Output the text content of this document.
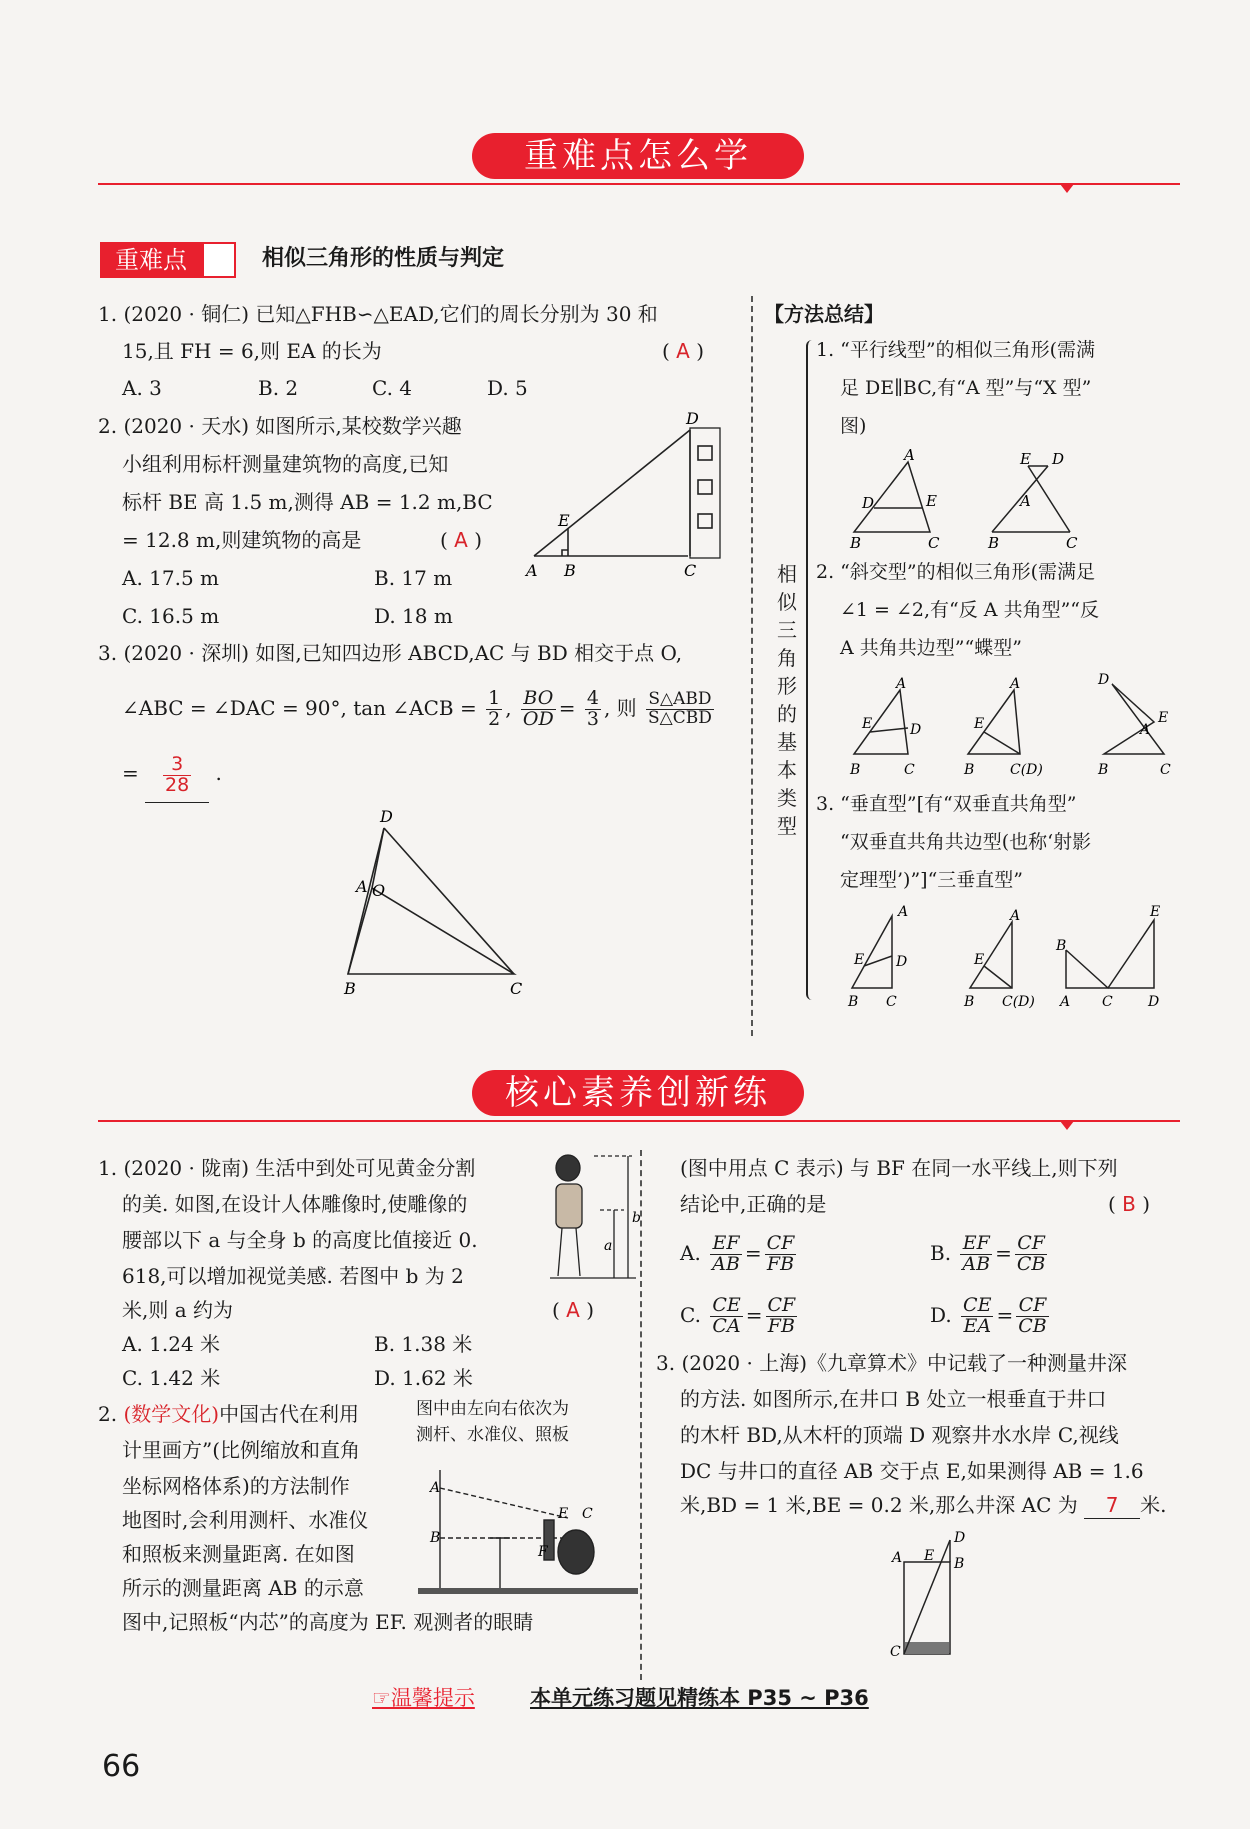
重难点怎么学
重难点	相似三角形的性质与判定
1. (2020 · 铜仁) 已知△FHB∽△EAD,它们的周长分别为 30 和
15,且 FH = 6,则 EA 的长为	( A )
A. 3	B. 2	C. 4	D. 5
2. (2020 · 天水) 如图所示,某校数学兴趣
小组利用标杆测量建筑物的高度,已知
标杆 BE 高 1.5 m,测得 AB = 1.2 m,BC
= 12.8 m,则建筑物的高是	( A )
A. 17.5 m	B. 17 m
C. 16.5 m	D. 18 m
D
E
A B	C
3. (2020 · 深圳) 如图,已知四边形 ABCD,AC 与 BD 相交于点 O,
∠ABC = ∠DAC = 90°, tan ∠ACB = $\frac{1}{2}$ , $\frac{BO}{OD} = \frac{4}{3}$ , 则 $\frac{\text{S△ABD}}{\text{S△CBD}}$
= $\frac{3}{28}$ .
D
A O
B	C
【方法总结】
相似三角形的基本类型
1. “平行线型”的相似三角形(需满
足 DE∥BC,有“A 型”与“X 型”
图)
A
D	E
B	C
E D
A
B	C
2. “斜交型”的相似三角形(需满足
∠1 = ∠2,有“反 A 共角型”“反
A 共角共边型”“蝶型”
A
E	D
B	C
A
E
B	C(D)
D
E
A
B	C
3. “垂直型”[有“双垂直共角型”
“双垂直共角共边型(也称‘射影
定理型’)”]“三垂直型”
A
E D
B C
A
E
B C(D)
B
E
A C	D
核心素养创新练
1. (2020 · 陇南) 生活中到处可见黄金分割
的美. 如图,在设计人体雕像时,使雕像的
腰部以下 a 与全身 b 的高度比值接近 0.
618,可以增加视觉美感. 若图中 b 为 2
米,则 a 约为	( A )
A. 1.24 米	B. 1.38 米
C. 1.42 米	D. 1.62 米
b
a
2. (数学文化)中国古代在利用
计里画方”(比例缩放和直角
坐标网格体系)的方法制作
地图时,会利用测杆、水准仪
和照板来测量距离. 在如图
所示的测量距离 AB 的示意
图中,记照板“内芯”的高度为 EF. 观测者的眼睛
图中由左向右依次为
测杆、水准仪、照板
A
B
E C
F
(图中用点 C 表示) 与 BF 在同一水平线上,则下列
结论中,正确的是	( B )
A. $\frac{EF}{AB} = \frac{CF}{FB}$	B. $\frac{EF}{AB} = \frac{CF}{CB}$
C. $\frac{CE}{CA} = \frac{CF}{FB}$	D. $\frac{CE}{EA} = \frac{CF}{CB}$
3. (2020 · 上海)《九章算术》中记载了一种测量井深
的方法. 如图所示,在井口 B 处立一根垂直于井口
的木杆 BD,从木杆的顶端 D 观察井水水岸 C,视线
DC 与井口的直径 AB 交于点 E,如果测得 AB = 1.6
米,BD = 1 米,BE = 0.2 米,那么井深 AC 为 7 米.
D
A E B
C
☞温馨提示	本单元练习题见精练本 P35 ~ P36
66
